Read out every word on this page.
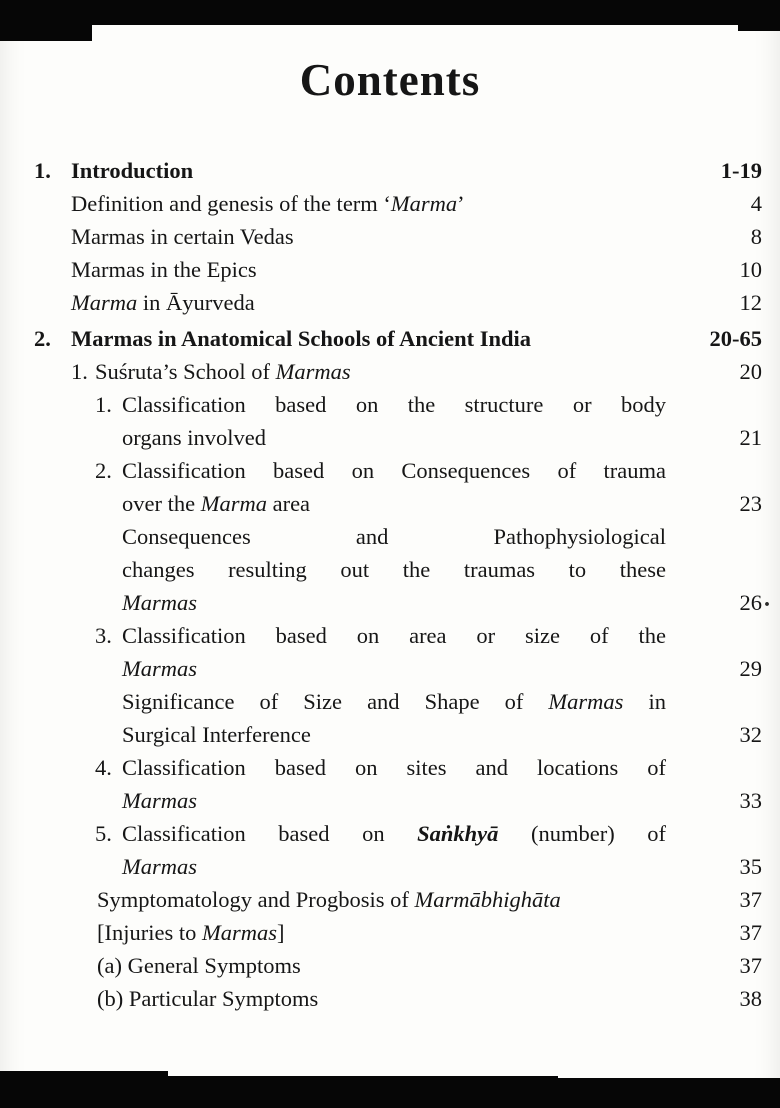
Contents
1. Introduction	1-19
Definition and genesis of the term ‘Marma’	4
Marmas in certain Vedas	8
Marmas in the Epics	10
Marma in Āyurveda	12
2. Marmas in Anatomical Schools of Ancient India	20-65
1. Suśruta’s School of Marmas	20
1. Classification based on the structure or body
organs involved	21
2. Classification based on Consequences of trauma
over the Marma area	23
Consequences and Pathophysiological
changes resulting out the traumas to these
Marmas	26
3. Classification based on area or size of the
Marmas	29
Significance of Size and Shape of Marmas in
Surgical Interference	32
4. Classification based on sites and locations of
Marmas	33
5. Classification based on Saṅkhyā (number) of
Marmas	35
Symptomatology and Progbosis of Marmābhighāta	37
[Injuries to Marmas]	37
(a) General Symptoms	37
(b) Particular Symptoms	38
.
